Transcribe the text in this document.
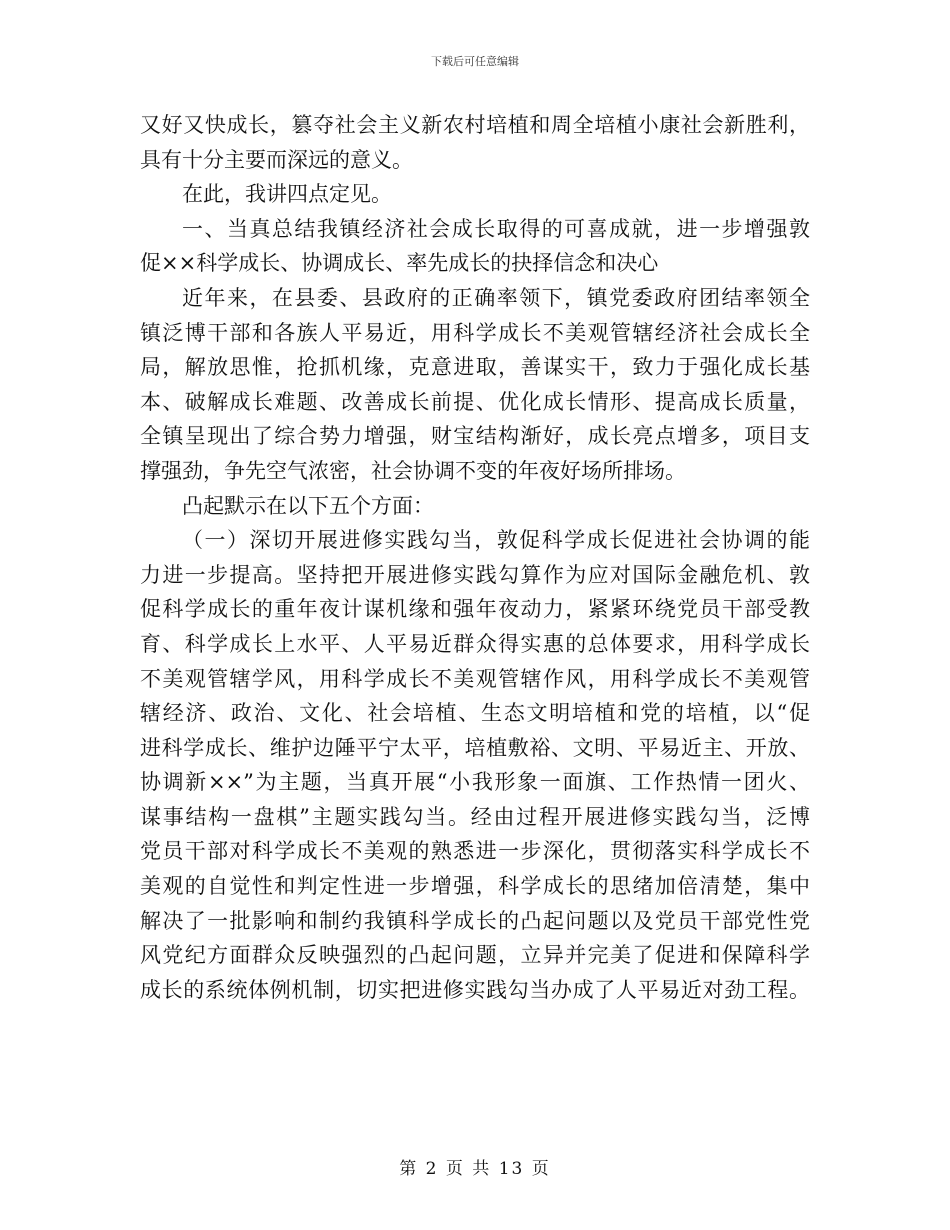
下载后可任意编辑
又好又快成长，篡夺社会主义新农村培植和周全培植小康社会新胜利，
具有十分主要而深远的意义。
在此，我讲四点定见。
一、当真总结我镇经济社会成长取得的可喜成就，进一步增强敦
促××科学成长、协调成长、率先成长的抉择信念和决心
近年来，在县委、县政府的正确率领下，镇党委政府团结率领全
镇泛博干部和各族人平易近，用科学成长不美观管辖经济社会成长全
局，解放思惟，抢抓机缘，克意进取，善谋实干，致力于强化成长基
本、破解成长难题、改善成长前提、优化成长情形、提高成长质量，
全镇呈现出了综合势力增强，财宝结构渐好，成长亮点增多，项目支
撑强劲，争先空气浓密，社会协调不变的年夜好场所排场。
凸起默示在以下五个方面：
（一）深切开展进修实践勾当，敦促科学成长促进社会协调的能
力进一步提高。坚持把开展进修实践勾算作为应对国际金融危机、敦
促科学成长的重年夜计谋机缘和强年夜动力，紧紧环绕党员干部受教
育、科学成长上水平、人平易近群众得实惠的总体要求，用科学成长
不美观管辖学风，用科学成长不美观管辖作风，用科学成长不美观管
辖经济、政治、文化、社会培植、生态文明培植和党的培植，以“促
进科学成长、维护边陲平宁太平，培植敷裕、文明、平易近主、开放、
协调新××”为主题，当真开展“小我形象一面旗、工作热情一团火、
谋事结构一盘棋”主题实践勾当。经由过程开展进修实践勾当，泛博
党员干部对科学成长不美观的熟悉进一步深化，贯彻落实科学成长不
美观的自觉性和判定性进一步增强，科学成长的思绪加倍清楚，集中
解决了一批影响和制约我镇科学成长的凸起问题以及党员干部党性党
风党纪方面群众反映强烈的凸起问题，立异并完美了促进和保障科学
成长的系统体例机制，切实把进修实践勾当办成了人平易近对劲工程。
第 2 页 共 13 页
